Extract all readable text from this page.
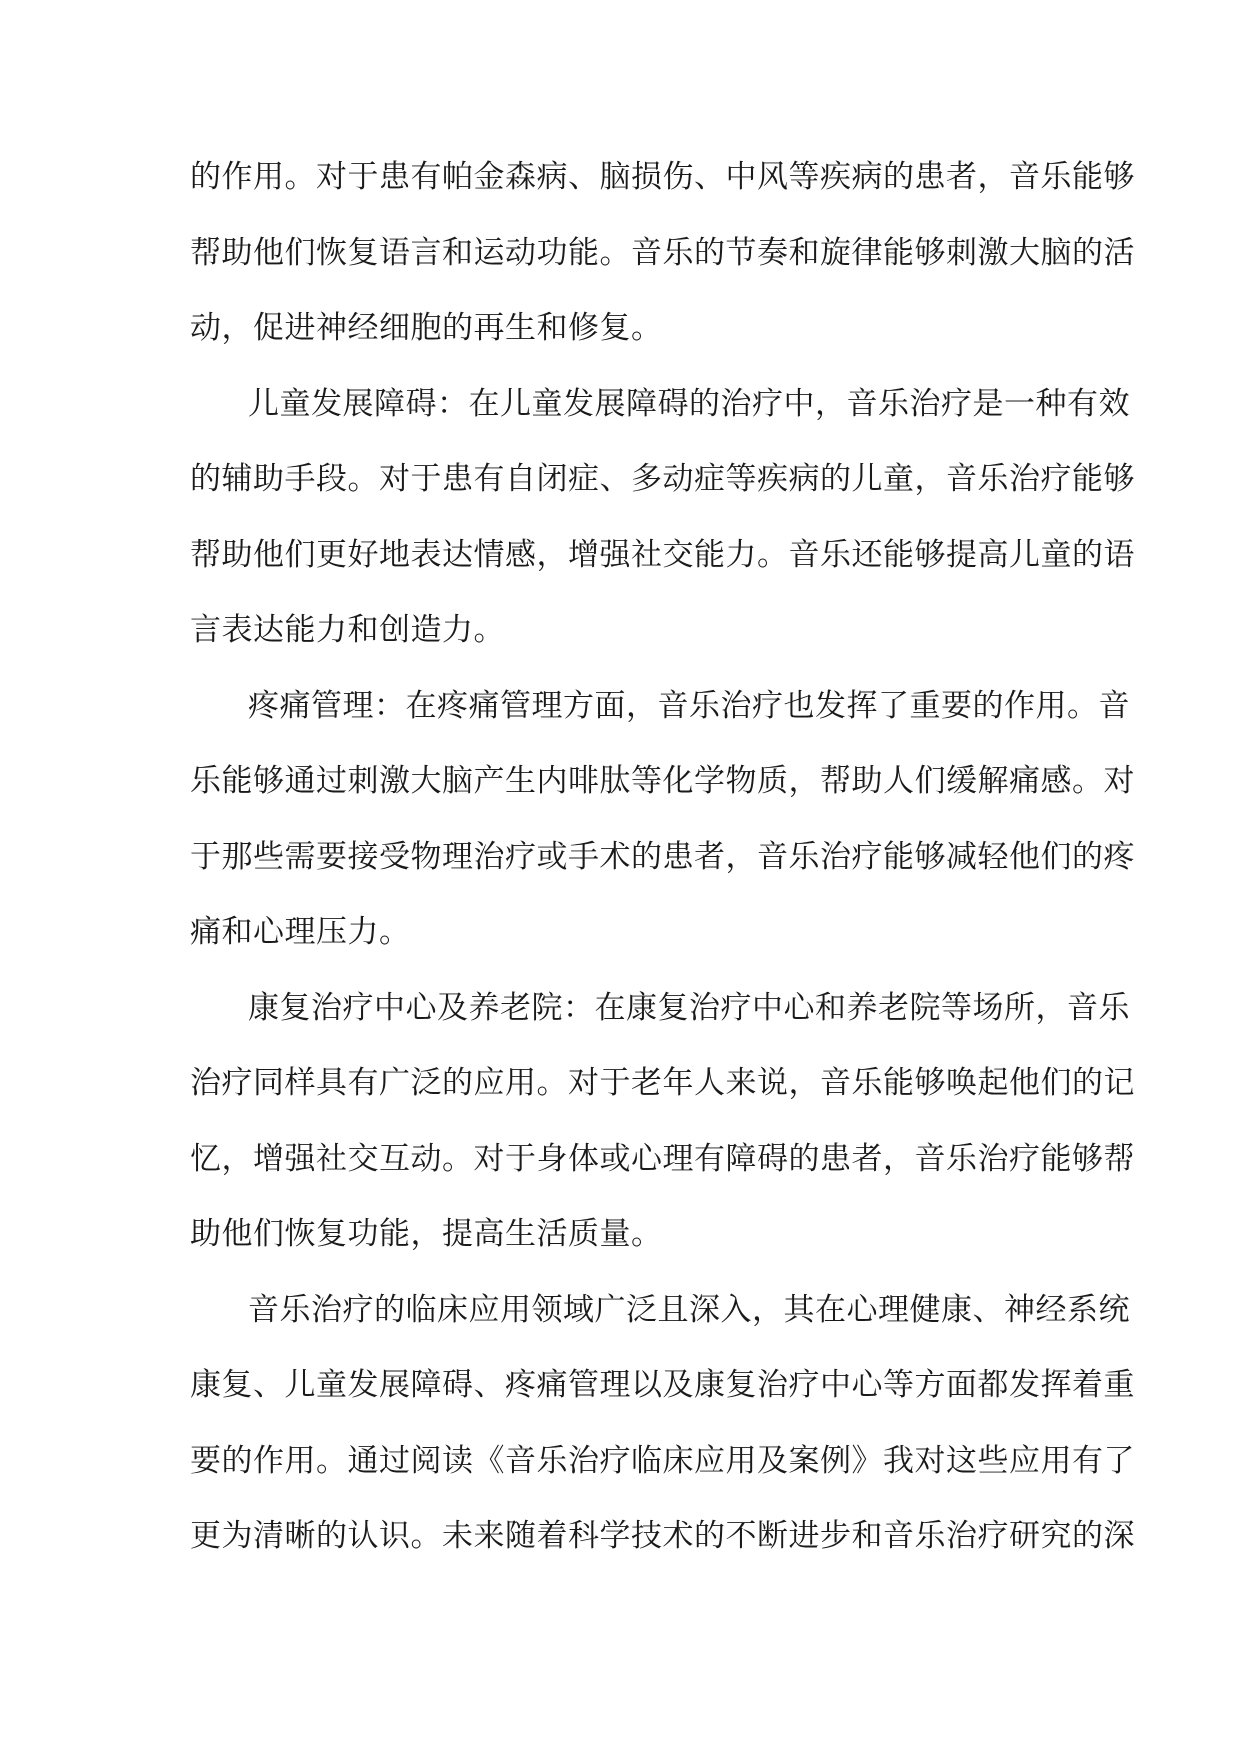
的作用。对于患有帕金森病、脑损伤、中风等疾病的患者，音乐能够
帮助他们恢复语言和运动功能。音乐的节奏和旋律能够刺激大脑的活
动，促进神经细胞的再生和修复。
儿童发展障碍：在儿童发展障碍的治疗中，音乐治疗是一种有效
的辅助手段。对于患有自闭症、多动症等疾病的儿童，音乐治疗能够
帮助他们更好地表达情感，增强社交能力。音乐还能够提高儿童的语
言表达能力和创造力。
疼痛管理：在疼痛管理方面，音乐治疗也发挥了重要的作用。音
乐能够通过刺激大脑产生内啡肽等化学物质，帮助人们缓解痛感。对
于那些需要接受物理治疗或手术的患者，音乐治疗能够减轻他们的疼
痛和心理压力。
康复治疗中心及养老院：在康复治疗中心和养老院等场所，音乐
治疗同样具有广泛的应用。对于老年人来说，音乐能够唤起他们的记
忆，增强社交互动。对于身体或心理有障碍的患者，音乐治疗能够帮
助他们恢复功能，提高生活质量。
音乐治疗的临床应用领域广泛且深入，其在心理健康、神经系统
康复、儿童发展障碍、疼痛管理以及康复治疗中心等方面都发挥着重
要的作用。通过阅读《音乐治疗临床应用及案例》我对这些应用有了
更为清晰的认识。未来随着科学技术的不断进步和音乐治疗研究的深
